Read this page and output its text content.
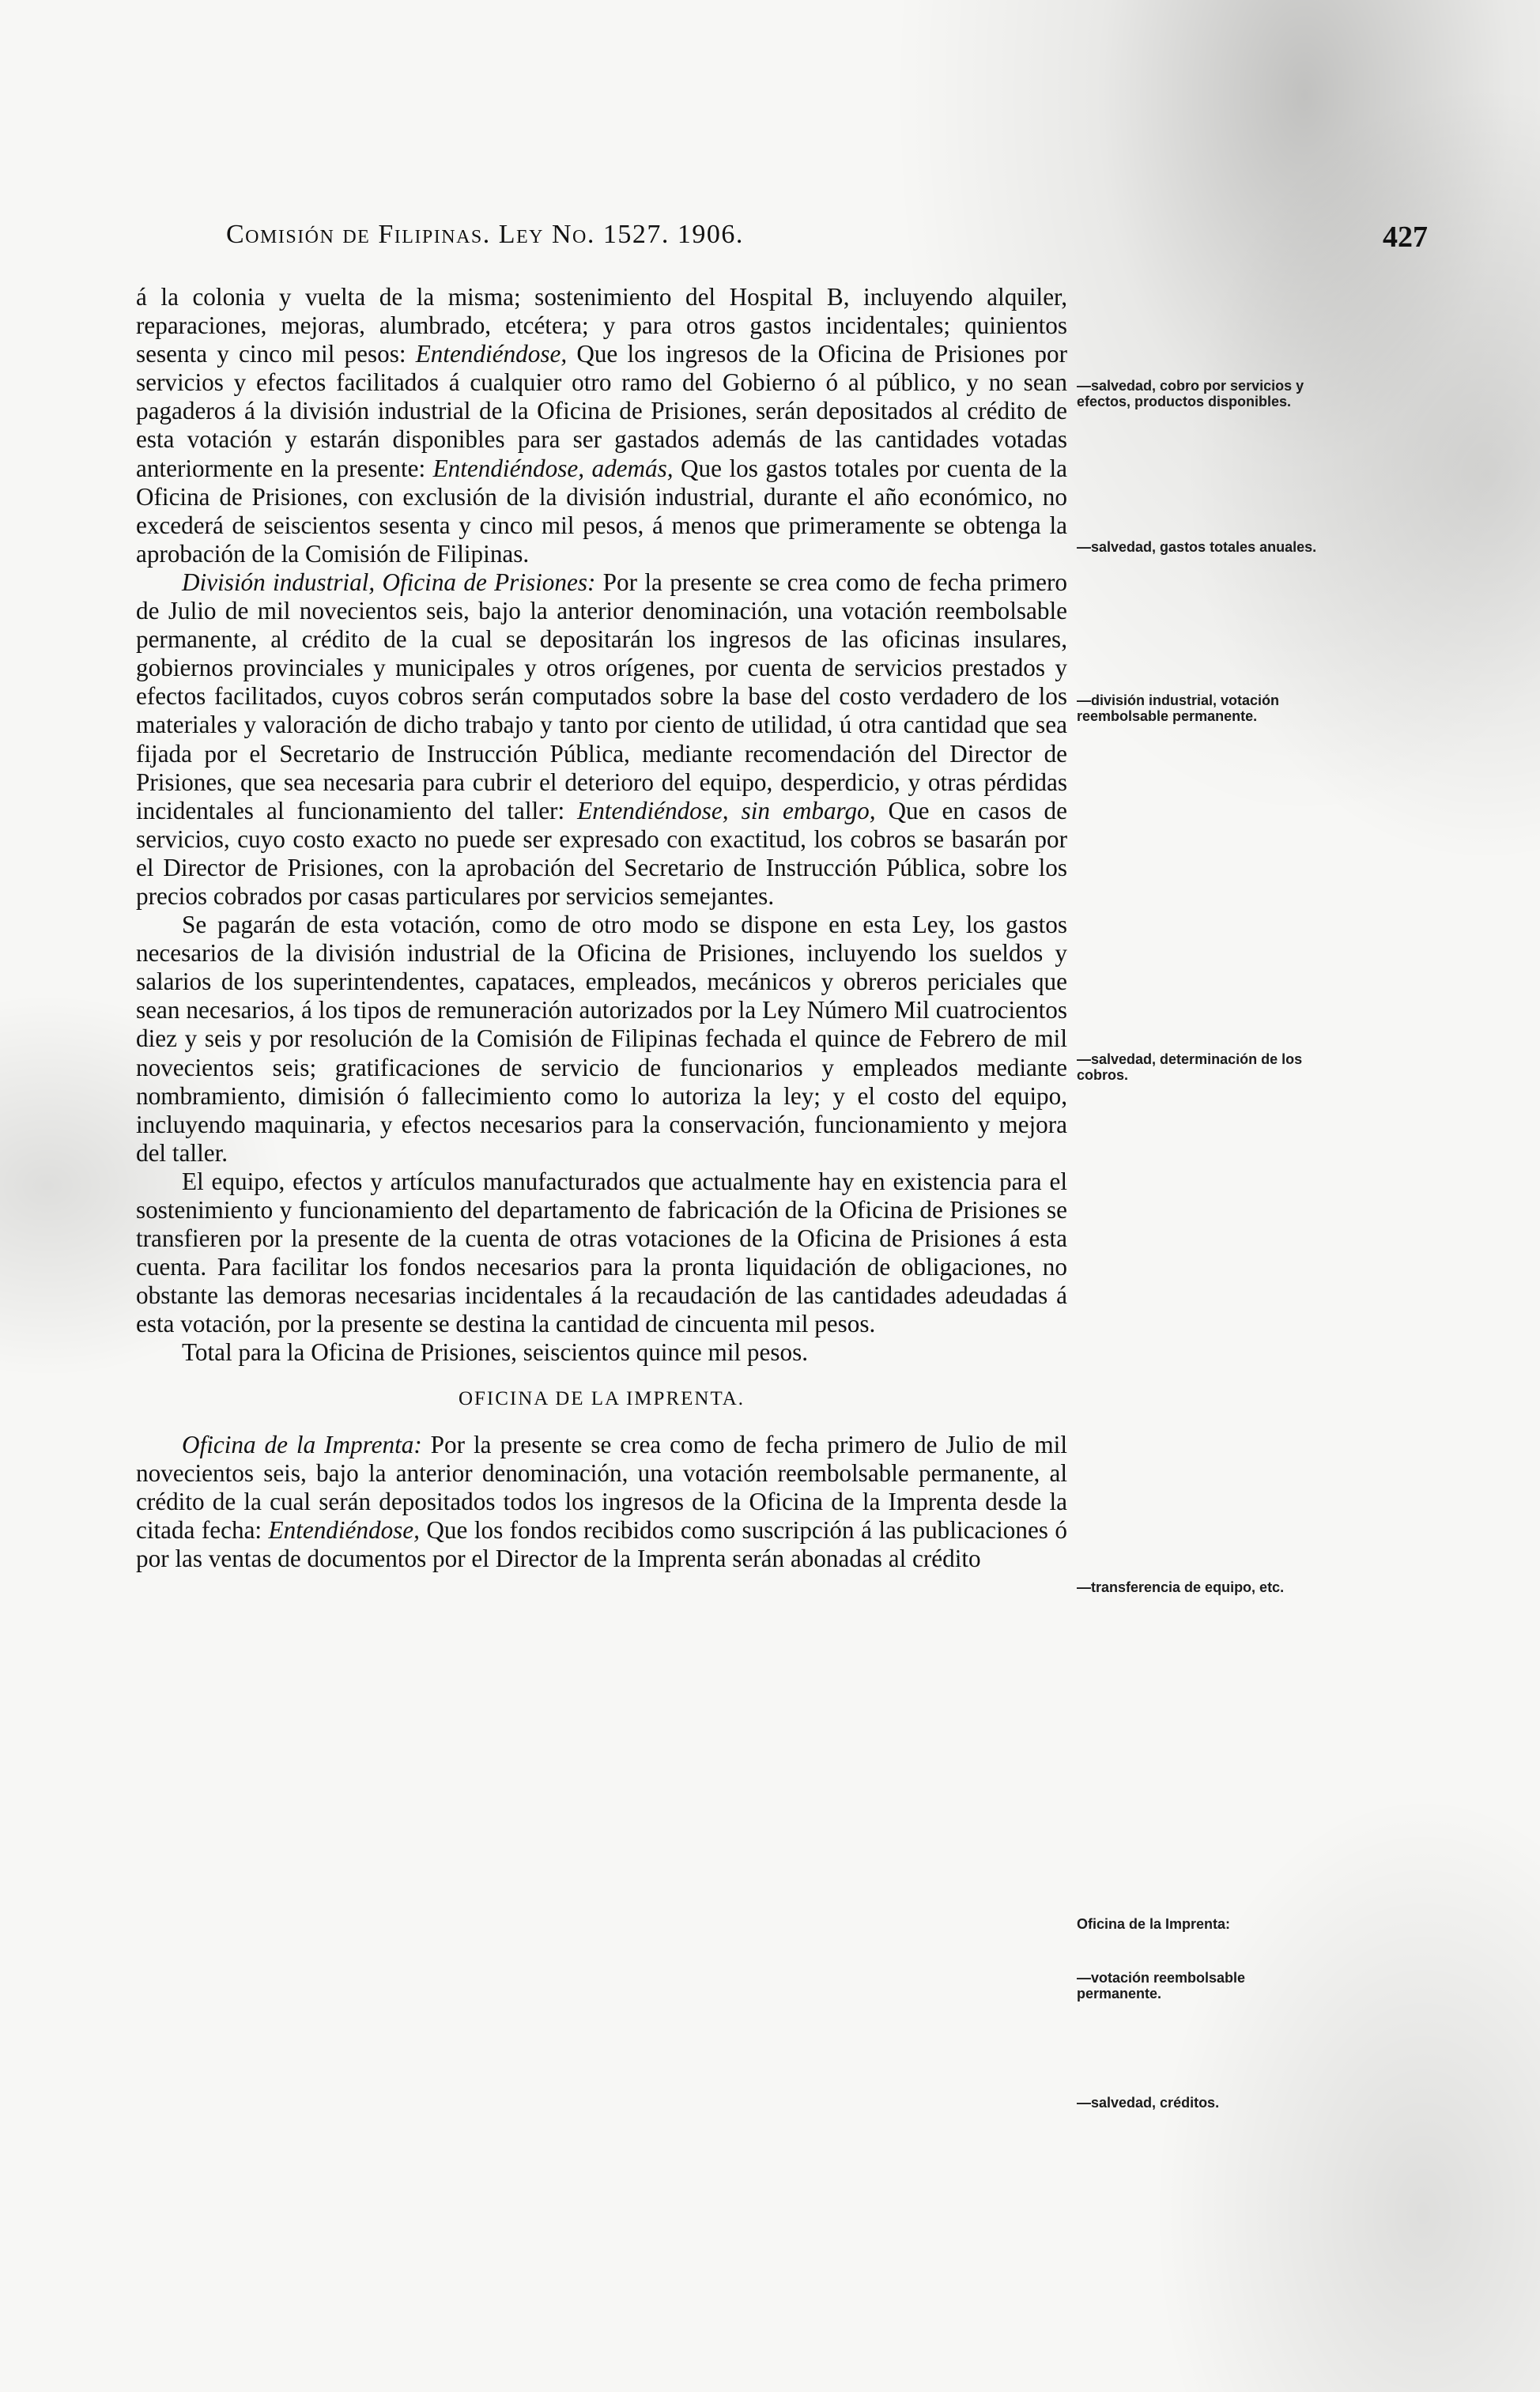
Comisión de Filipinas. Ley No. 1527. 1906.	427

á la colonia y vuelta de la misma; sostenimiento del Hospital B, incluyendo alquiler, reparaciones, mejoras, alumbrado, etcétera; y para otros gastos incidentales; quinientos sesenta y cinco mil pesos: Entendiéndose, Que los ingresos de la Oficina de Prisiones por servicios y efectos facilitados á cualquier otro ramo del Gobierno ó al público, y no sean pagaderos á la división industrial de la Oficina de Prisiones, serán depositados al crédito de esta votación y estarán disponibles para ser gastados además de las cantidades votadas anteriormente en la presente: Entendiéndose, además, Que los gastos totales por cuenta de la Oficina de Prisiones, con exclusión de la división industrial, durante el año económico, no excederá de seiscientos sesenta y cinco mil pesos, á menos que primeramente se obtenga la aprobación de la Comisión de Filipinas.

División industrial, Oficina de Prisiones: Por la presente se crea como de fecha primero de Julio de mil novecientos seis, bajo la anterior denominación, una votación reembolsable permanente, al crédito de la cual se depositarán los ingresos de las oficinas insulares, gobiernos provinciales y municipales y otros orígenes, por cuenta de servicios prestados y efectos facilitados, cuyos cobros serán computados sobre la base del costo verdadero de los materiales y valoración de dicho trabajo y tanto por ciento de utilidad, ú otra cantidad que sea fijada por el Secretario de Instrucción Pública, mediante recomendación del Director de Prisiones, que sea necesaria para cubrir el deterioro del equipo, desperdicio, y otras pérdidas incidentales al funcionamiento del taller: Entendiéndose, sin embargo, Que en casos de servicios, cuyo costo exacto no puede ser expresado con exactitud, los cobros se basarán por el Director de Prisiones, con la aprobación del Secretario de Instrucción Pública, sobre los precios cobrados por casas particulares por servicios semejantes.

Se pagarán de esta votación, como de otro modo se dispone en esta Ley, los gastos necesarios de la división industrial de la Oficina de Prisiones, incluyendo los sueldos y salarios de los superintendentes, capataces, empleados, mecánicos y obreros periciales que sean necesarios, á los tipos de remuneración autorizados por la Ley Número Mil cuatrocientos diez y seis y por resolución de la Comisión de Filipinas fechada el quince de Febrero de mil novecientos seis; gratificaciones de servicio de funcionarios y empleados mediante nombramiento, dimisión ó fallecimiento como lo autoriza la ley; y el costo del equipo, incluyendo maquinaria, y efectos necesarios para la conservación, funcionamiento y mejora del taller.

El equipo, efectos y artículos manufacturados que actualmente hay en existencia para el sostenimiento y funcionamiento del departamento de fabricación de la Oficina de Prisiones se transfieren por la presente de la cuenta de otras votaciones de la Oficina de Prisiones á esta cuenta. Para facilitar los fondos necesarios para la pronta liquidación de obligaciones, no obstante las demoras necesarias incidentales á la recaudación de las cantidades adeudadas á esta votación, por la presente se destina la cantidad de cincuenta mil pesos.

Total para la Oficina de Prisiones, seiscientos quince mil pesos.

OFICINA DE LA IMPRENTA.

Oficina de la Imprenta: Por la presente se crea como de fecha primero de Julio de mil novecientos seis, bajo la anterior denominación, una votación reembolsable permanente, al crédito de la cual serán depositados todos los ingresos de la Oficina de la Imprenta desde la citada fecha: Entendiéndose, Que los fondos recibidos como suscripción á las publicaciones ó por las ventas de documentos por el Director de la Imprenta serán abonadas al crédito

—salvedad, cobro por servicios y efectos, productos disponibles.
—salvedad, gastos totales anuales.
—división industrial, votación reembolsable permanente.
—salvedad, determinación de los cobros.
—transferencia de equipo, etc.
Oficina de la Imprenta:
—votación reembolsable permanente.
—salvedad, créditos.
